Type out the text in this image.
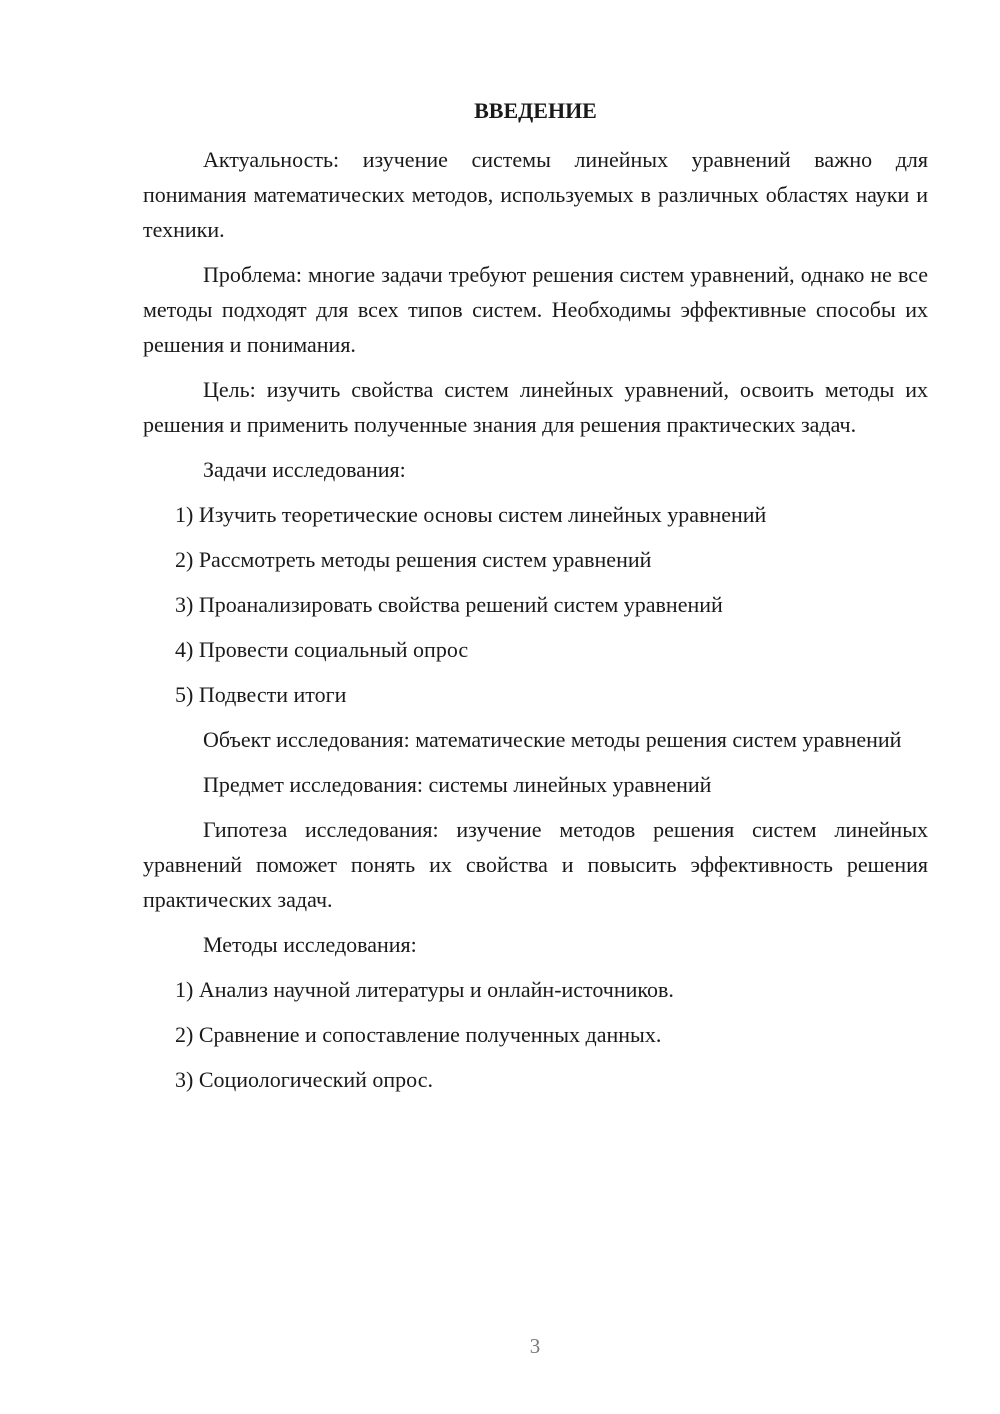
ВВЕДЕНИЕ
Актуальность: изучение системы линейных уравнений важно для понимания математических методов, используемых в различных областях науки и техники.
Проблема: многие задачи требуют решения систем уравнений, однако не все методы подходят для всех типов систем. Необходимы эффективные способы их решения и понимания.
Цель: изучить свойства систем линейных уравнений, освоить методы их решения и применить полученные знания для решения практических задач.
Задачи исследования:
1) Изучить теоретические основы систем линейных уравнений
2) Рассмотреть методы решения систем уравнений
3) Проанализировать свойства решений систем уравнений
4) Провести социальный опрос
5) Подвести итоги
Объект исследования: математические методы решения систем уравнений
Предмет исследования: системы линейных уравнений
Гипотеза исследования: изучение методов решения систем линейных уравнений поможет понять их свойства и повысить эффективность решения практических задач.
Методы исследования:
1) Анализ научной литературы и онлайн-источников.
2) Сравнение и сопоставление полученных данных.
3) Социологический опрос.
3
